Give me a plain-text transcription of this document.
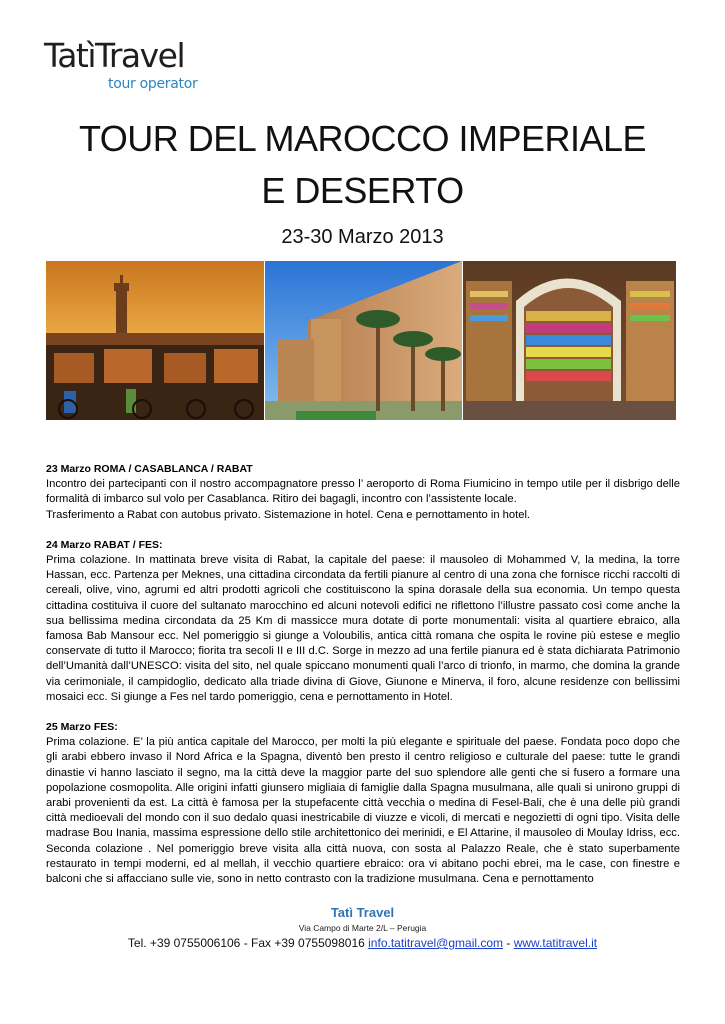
TatìTravel
tour operator
TOUR DEL MAROCCO IMPERIALE
E DESERTO
23-30 Marzo 2013

23 Marzo ROMA / CASABLANCA / RABAT

Incontro dei partecipanti con il nostro accompagnatore presso l’ aeroporto di Roma Fiumicino in tempo utile per il disbrigo delle formalità di imbarco sul volo per Casablanca. Ritiro dei bagagli, incontro con l’assistente locale.

Trasferimento a Rabat con autobus privato. Sistemazione in hotel. Cena e pernottamento in hotel.

24 Marzo RABAT / FES:

Prima colazione. In mattinata breve visita di Rabat, la capitale del paese: il mausoleo di Mohammed V, la medina, la torre Hassan, ecc. Partenza per Meknes, una cittadina circondata da fertili pianure al centro di una zona che fornisce ricchi raccolti di cereali, olive, vino, agrumi ed altri prodotti agricoli che costituiscono la spina dorasale della sua economia. Un tempo questa cittadina costituiva il cuore del sultanato marocchino ed alcuni notevoli edifici ne riflettono l’illustre passato così come anche la sua bellissima medina circondata da 25 Km di massicce mura dotate di porte monumentali: visita al quartiere ebraico, alla famosa Bab Mansour ecc. Nel pomeriggio si giunge a Voloubilis, antica città romana che ospita le rovine più estese e meglio conservate di tutto il Marocco; fiorita tra secoli II e III d.C. Sorge in mezzo ad una fertile pianura ed è stata dichiarata Patrimonio dell’Umanità dall’UNESCO: visita del sito, nel quale spiccano monumenti quali l’arco di trionfo, in marmo, che domina la grande via cerimoniale, il campidoglio, dedicato alla triade divina di Giove, Giunone e Minerva, il foro, alcune residenze con bellissimi mosaici ecc. Si giunge a Fes nel tardo pomeriggio, cena e pernottamento in Hotel.

25 Marzo FES:

Prima colazione. E’ la più antica capitale del Marocco, per molti la più elegante e spirituale del paese. Fondata poco dopo che gli arabi ebbero invaso il Nord Africa e la Spagna, diventò ben presto il centro religioso e culturale del paese: tutte le grandi dinastie vi hanno lasciato il segno, ma la città deve la maggior parte del suo splendore alle genti che si fusero a formare una popolazione cosmopolita. Alle origini infatti giunsero migliaia di famiglie dalla Spagna musulmana, alle quali si unirono gruppi di arabi provenienti da est. La città è famosa per la stupefacente città vecchia o medina di Fesel-Bali, che è una delle più grandi città medioevali del mondo con il suo dedalo quasi inestricabile di viuzze e vicoli, di mercati e negozietti di ogni tipo. Visita delle madrase Bou Inania, massima espressione dello stile architettonico dei merinidi, e El Attarine, il mausoleo di Moulay Idriss, ecc. Seconda colazione . Nel pomeriggio breve visita alla città nuova, con sosta al Palazzo Reale, che è stato superbamente restaurato in tempi moderni, ed al mellah, il vecchio quartiere ebraico: ora vi abitano pochi ebrei, ma le case, con finestre e balconi che si affacciano sulle vie, sono in netto contrasto con la tradizione musulmana. Cena e pernottamento

Tatì Travel
Via Campo di Marte 2/L – Perugia
Tel. +39 0755006106 - Fax +39 0755098016 info.tatitravel@gmail.com - www.tatitravel.it
